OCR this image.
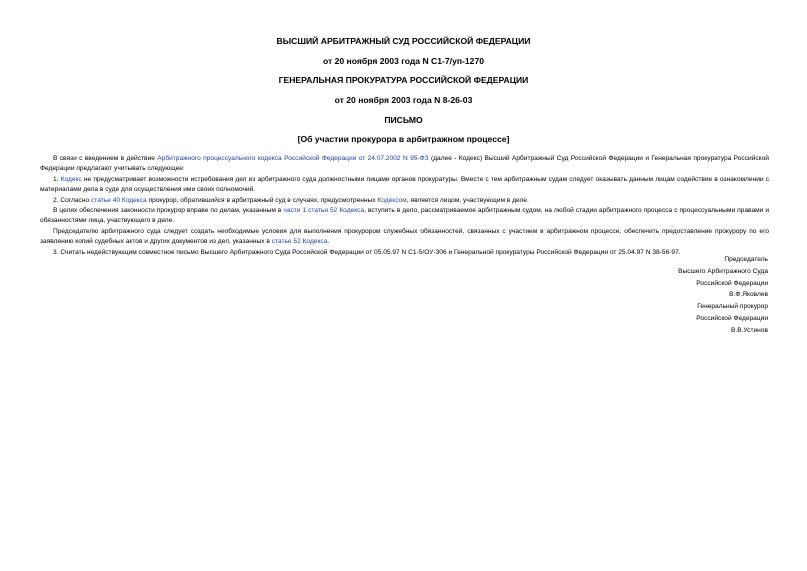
ВЫСШИЙ АРБИТРАЖНЫЙ СУД РОССИЙСКОЙ ФЕДЕРАЦИИ
от 20 ноября 2003 года N С1-7/уп-1270
ГЕНЕРАЛЬНАЯ ПРОКУРАТУРА РОССИЙСКОЙ ФЕДЕРАЦИИ
от 20 ноября 2003 года N 8-26-03
ПИСЬМО
[Об участии прокурора в арбитражном процессе]

В связи с введением в действие Арбитражного процессуального кодекса Российской Федерации от 24.07.2002 N 95-ФЗ (далее - Кодекс) Высший Арбитражный Суд Российской Федерации и Генеральная прокуратура Российской Федерации предлагают учитывать следующее:

1. Кодекс не предусматривает возможности истребования дел из арбитражного суда должностными лицами органов прокуратуры. Вместе с тем арбитражным судам следует оказывать данным лицам содействие в ознакомлении с материалами дела в суде для осуществления ими своих полномочий.

2. Согласно статье 40 Кодекса прокурор, обратившийся в арбитражный суд в случаях, предусмотренных Кодексом, является лицом, участвующим в деле.

В целях обеспечения законности прокурор вправе по делам, указанным в части 1 статьи 52 Кодекса, вступить в дело, рассматриваемое арбитражным судом, на любой стадии арбитражного процесса с процессуальными правами и обязанностями лица, участвующего в деле.

Председателю арбитражного суда следует создать необходимые условия для выполнения прокурором служебных обязанностей, связанных с участием в арбитражном процессе, обеспечить предоставление прокурору по его заявлению копий судебных актов и других документов из дел, указанных в статье 52 Кодекса.

3. Считать недействующим совместное письмо Высшего Арбитражного Суда Российской Федерации от 05.05.97 N С1-5/ОУ-306 и Генеральной прокуратуры Российской Федерации от 25.04.97 N 38-56-97.

Председатель
Высшего Арбитражного Суда
Российской Федерации
В.Ф.Яковлев
Генеральный прокурор
Российской Федерации
В.В.Устинов
